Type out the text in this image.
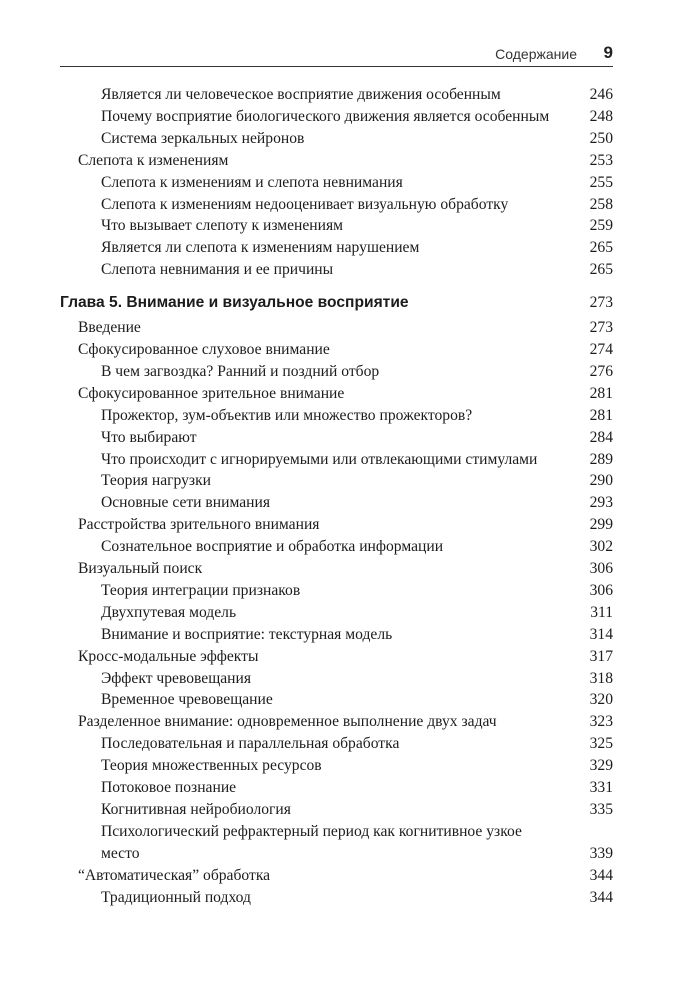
Содержание 9
Является ли человеческое восприятие движения особенным	246
Почему восприятие биологического движения является особенным	248
Система зеркальных нейронов	250
Слепота к изменениям	253
Слепота к изменениям и слепота невнимания	255
Слепота к изменениям недооценивает визуальную обработку	258
Что вызывает слепоту к изменениям	259
Является ли слепота к изменениям нарушением	265
Слепота невнимания и ее причины	265
Глава 5. Внимание и визуальное восприятие	273
Введение	273
Сфокусированное слуховое внимание	274
В чем загвоздка? Ранний и поздний отбор	276
Сфокусированное зрительное внимание	281
Прожектор, зум-объектив или множество прожекторов?	281
Что выбирают	284
Что происходит с игнорируемыми или отвлекающими стимулами	289
Теория нагрузки	290
Основные сети внимания	293
Расстройства зрительного внимания	299
Сознательное восприятие и обработка информации	302
Визуальный поиск	306
Теория интеграции признаков	306
Двухпутевая модель	311
Внимание и восприятие: текстурная модель	314
Кросс-модальные эффекты	317
Эффект чревовещания	318
Временное чревовещание	320
Разделенное внимание: одновременное выполнение двух задач	323
Последовательная и параллельная обработка	325
Теория множественных ресурсов	329
Потоковое познание	331
Когнитивная нейробиология	335
Психологический рефрактерный период как когнитивное узкое место	339
“Автоматическая” обработка	344
Традиционный подход	344
